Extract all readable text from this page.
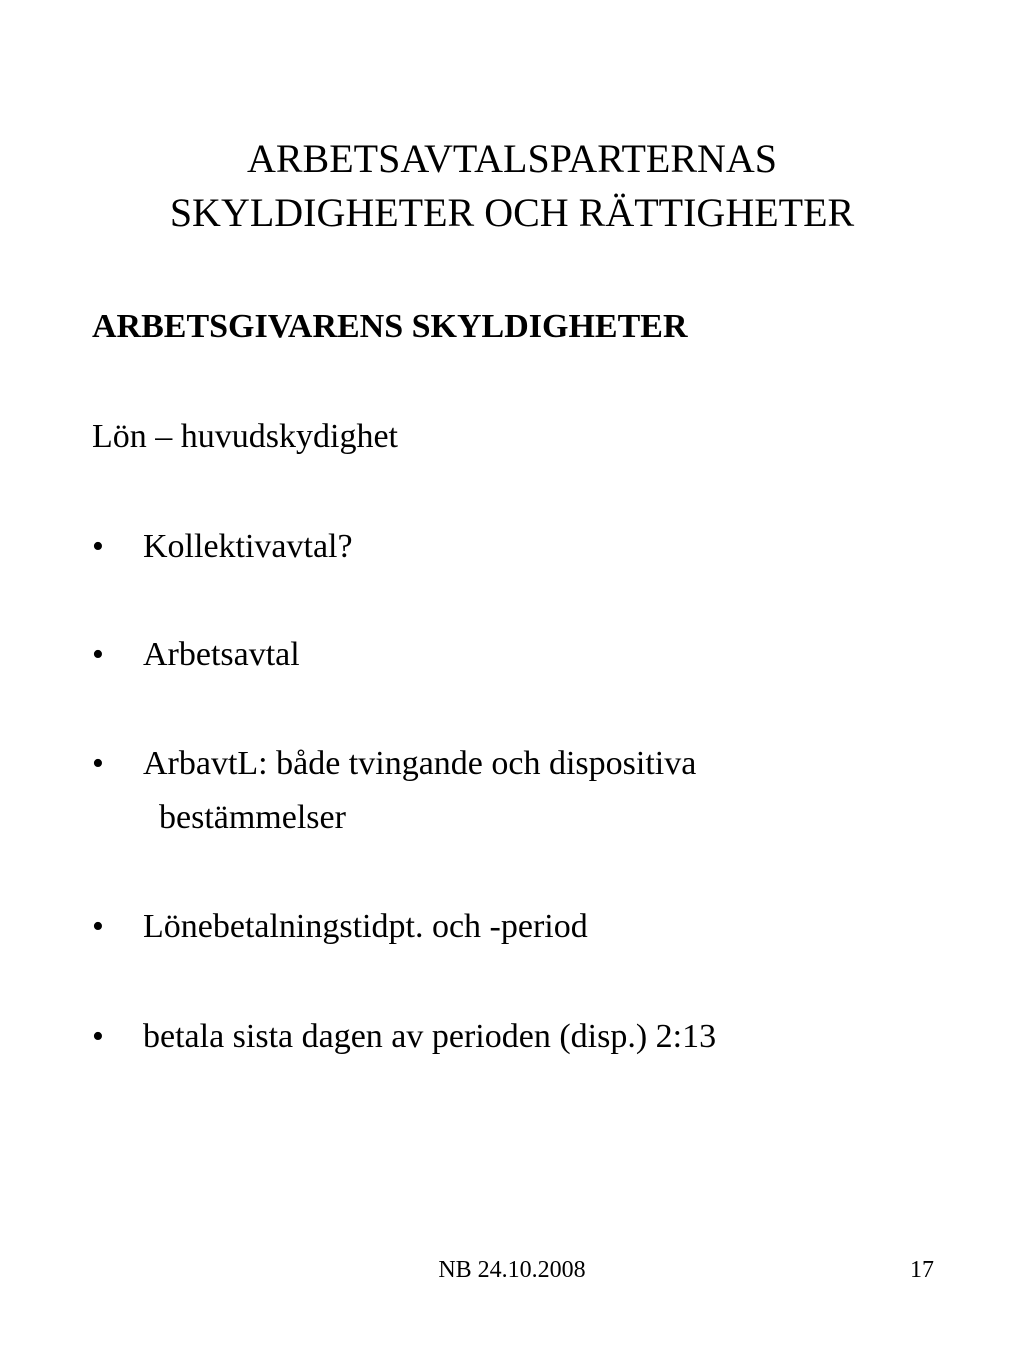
ARBETSAVTALSPARTERNAS
SKYLDIGHETER OCH RÄTTIGHETER
ARBETSGIVARENS SKYLDIGHETER

Lön – huvudskydighet

•	Kollektivavtal?
•	Arbetsavtal
•	ArbavtL: både tvingande och dispositiva
bestämmelser
•	Lönebetalningstidpt. och -period
•	betala sista dagen av perioden (disp.) 2:13
NB 24.10.2008	17
